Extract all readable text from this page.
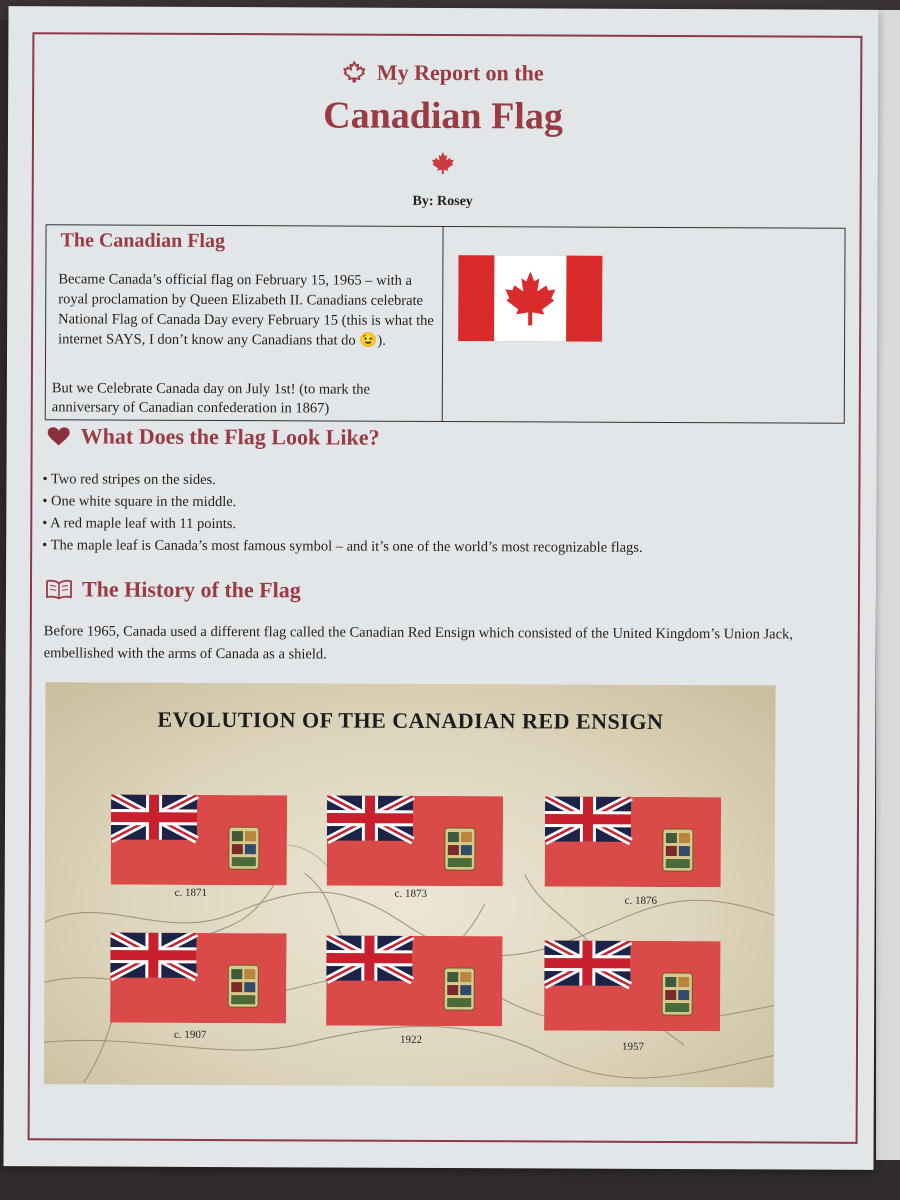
My Report on the
Canadian Flag
By: Rosey
The Canadian Flag
Became Canada’s official flag on February 15, 1965 – with a royal proclamation by Queen Elizabeth II. Canadians celebrate National Flag of Canada Day every February 15 (this is what the internet SAYS, I don’t know any Canadians that do 😉).
But we Celebrate Canada day on July 1st! (to mark the anniversary of Canadian confederation in 1867)
What Does the Flag Look Like?
• Two red stripes on the sides.
• One white square in the middle.
• A red maple leaf with 11 points.
• The maple leaf is Canada’s most famous symbol – and it’s one of the world’s most recognizable flags.
The History of the Flag
Before 1965, Canada used a different flag called the Canadian Red Ensign which consisted of the United Kingdom’s Union Jack, embellished with the arms of Canada as a shield.
EVOLUTION OF THE CANADIAN RED ENSIGN
c. 1871	c. 1873
c. 1876
c. 1907	1922
1957
